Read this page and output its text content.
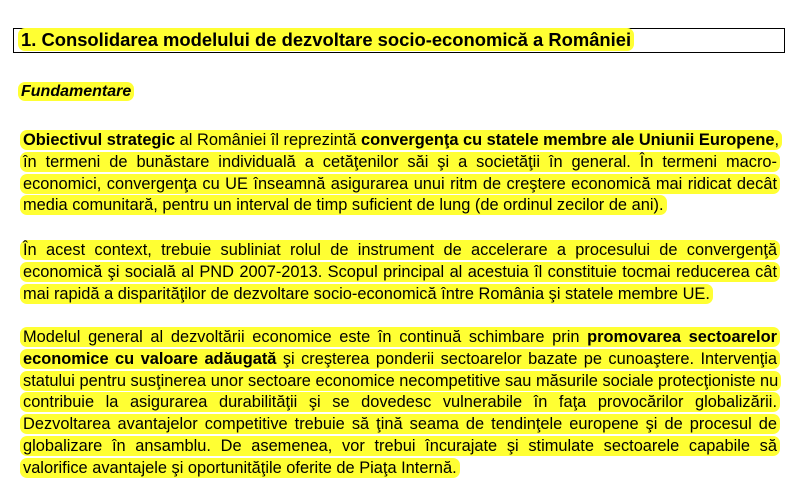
1. Consolidarea modelului de dezvoltare socio-economică a României
Fundamentare
Obiectivul strategic al României îl reprezintă convergenţa cu statele membre ale Uniunii Europene, în termeni de bunăstare individuală a cetăţenilor săi şi a societăţii în general. În termeni macro-economici, convergenţa cu UE înseamnă asigurarea unui ritm de creştere economică mai ridicat decât media comunitară, pentru un interval de timp suficient de lung (de ordinul zecilor de ani).
În acest context, trebuie subliniat rolul de instrument de accelerare a procesului de convergenţă economică şi socială al PND 2007-2013. Scopul principal al acestuia îl constituie tocmai reducerea cât mai rapidă a disparităţilor de dezvoltare socio-economică între România şi statele membre UE.
Modelul general al dezvoltării economice este în continuă schimbare prin promovarea sectoarelor economice cu valoare adăugată şi creşterea ponderii sectoarelor bazate pe cunoaştere. Intervenţia statului pentru susţinerea unor sectoare economice necompetitive sau măsurile sociale protecţioniste nu contribuie la asigurarea durabilităţii şi se dovedesc vulnerabile în faţa provocărilor globalizării. Dezvoltarea avantajelor competitive trebuie să ţină seama de tendinţele europene şi de procesul de globalizare în ansamblu. De asemenea, vor trebui încurajate şi stimulate sectoarele capabile să valorifice avantajele şi oportunităţile oferite de Piaţa Internă.
